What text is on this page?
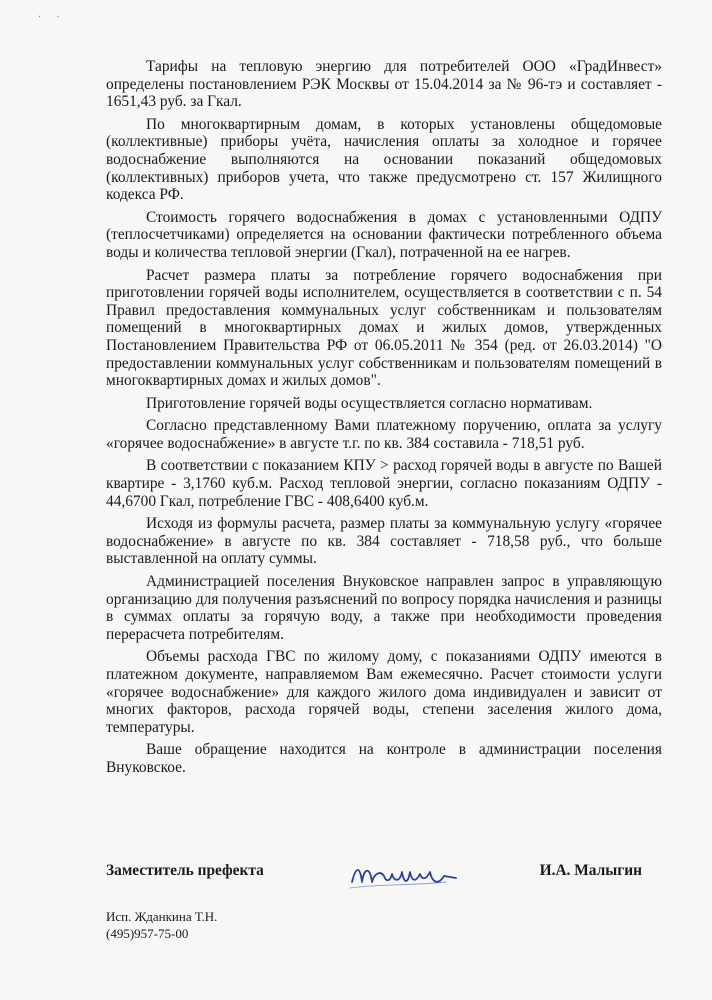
· ·

Тарифы на тепловую энергию для потребителей ООО «ГрадИнвест» определены постановлением РЭК Москвы от 15.04.2014 за № 96-тэ и составляет - 1651,43 руб. за Гкал.

По многоквартирным домам, в которых установлены общедомовые (коллективные) приборы учёта, начисления оплаты за холодное и горячее водоснабжение выполняются на основании показаний общедомовых (коллективных) приборов учета, что также предусмотрено ст. 157 Жилищного кодекса РФ.

Стоимость горячего водоснабжения в домах с установленными ОДПУ (теплосчетчиками) определяется на основании фактически потребленного объема воды и количества тепловой энергии (Гкал), потраченной на ее нагрев.

Расчет размера платы за потребление горячего водоснабжения при приготовлении горячей воды исполнителем, осуществляется в соответствии с п. 54 Правил предоставления коммунальных услуг собственникам и пользователям помещений в многоквартирных домах и жилых домов, утвержденных Постановлением Правительства РФ от 06.05.2011 № 354 (ред. от 26.03.2014) "О предоставлении коммунальных услуг собственникам и пользователям помещений в многоквартирных домах и жилых домов".

Приготовление горячей воды осуществляется согласно нормативам.

Согласно представленному Вами платежному поручению, оплата за услугу «горячее водоснабжение» в августе т.г. по кв. 384 составила - 718,51 руб.

В соответствии с показанием КПУ > расход горячей воды в августе по Вашей квартире - 3,1760 куб.м. Расход тепловой энергии, согласно показаниям ОДПУ - 44,6700 Гкал, потребление ГВС - 408,6400 куб.м.

Исходя из формулы расчета, размер платы за коммунальную услугу «горячее водоснабжение» в августе по кв. 384 составляет - 718,58 руб., что больше выставленной на оплату суммы.

Администрацией поселения Внуковское направлен запрос в управляющую организацию для получения разъяснений по вопросу порядка начисления и разницы в суммах оплаты за горячую воду, а также при необходимости проведения перерасчета потребителям.

Объемы расхода ГВС по жилому дому, с показаниями ОДПУ имеются в платежном документе, направляемом Вам ежемесячно. Расчет стоимости услуги «горячее водоснабжение» для каждого жилого дома индивидуален и зависит от многих факторов, расхода горячей воды, степени заселения жилого дома, температуры.

Ваше обращение находится на контроле в администрации поселения Внуковское.

Заместитель префекта	И.А. Малыгин
Исп. Жданкина Т.Н.
(495)957-75-00
